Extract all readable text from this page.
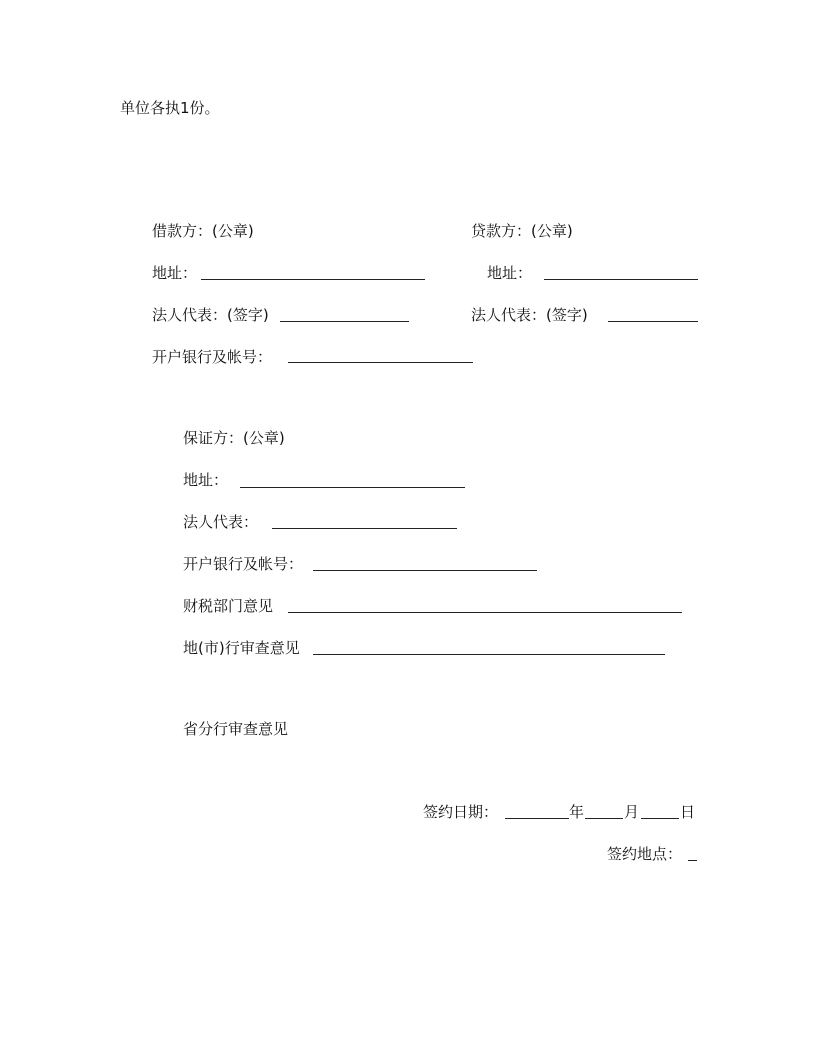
单位各执1份。
借款方：(公章)
地址：
法人代表：(签字)
开户银行及帐号：
贷款方：(公章)
地址：
法人代表：(签字)
保证方：(公章)
地址：
法人代表：
开户银行及帐号：
财税部门意见
地(市)行审查意见
省分行审查意见
签约日期：	年	月	日
签约地点：
